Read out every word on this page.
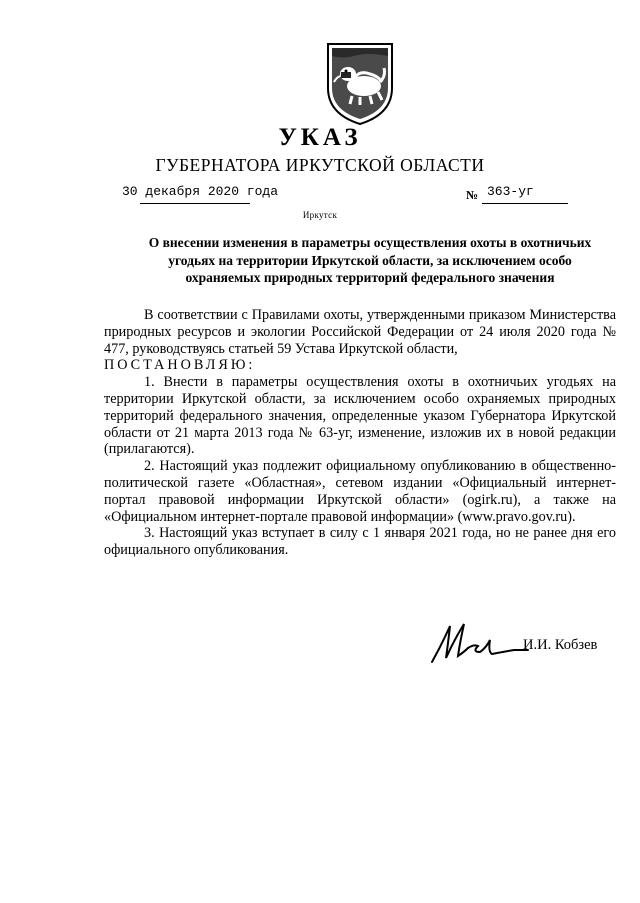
УКАЗ
ГУБЕРНАТОРА ИРКУТСКОЙ ОБЛАСТИ
30 декабря 2020 года	№ 363-уг
Иркутск
О внесении изменения в параметры осуществления охоты в охотничьих
угодьях на территории Иркутской области, за исключением особо
охраняемых природных территорий федерального значения

В соответствии с Правилами охоты, утвержденными приказом Министерства природных ресурсов и экологии Российской Федерации от 24 июля 2020 года № 477, руководствуясь статьей 59 Устава Иркутской области,

ПОСТАНОВЛЯЮ:

1. Внести в параметры осуществления охоты в охотничьих угодьях на территории Иркутской области, за исключением особо охраняемых природных территорий федерального значения, определенные указом Губернатора Иркутской области от 21 марта 2013 года № 63-уг, изменение, изложив их в новой редакции (прилагаются).

2. Настоящий указ подлежит официальному опубликованию в общественно-политической газете «Областная», сетевом издании «Официальный интернет-портал правовой информации Иркутской области» (ogirk.ru), а также на «Официальном интернет-портале правовой информации» (www.pravo.gov.ru).

3. Настоящий указ вступает в силу с 1 января 2021 года, но не ранее дня его официального опубликования.

И.И. Кобзев
